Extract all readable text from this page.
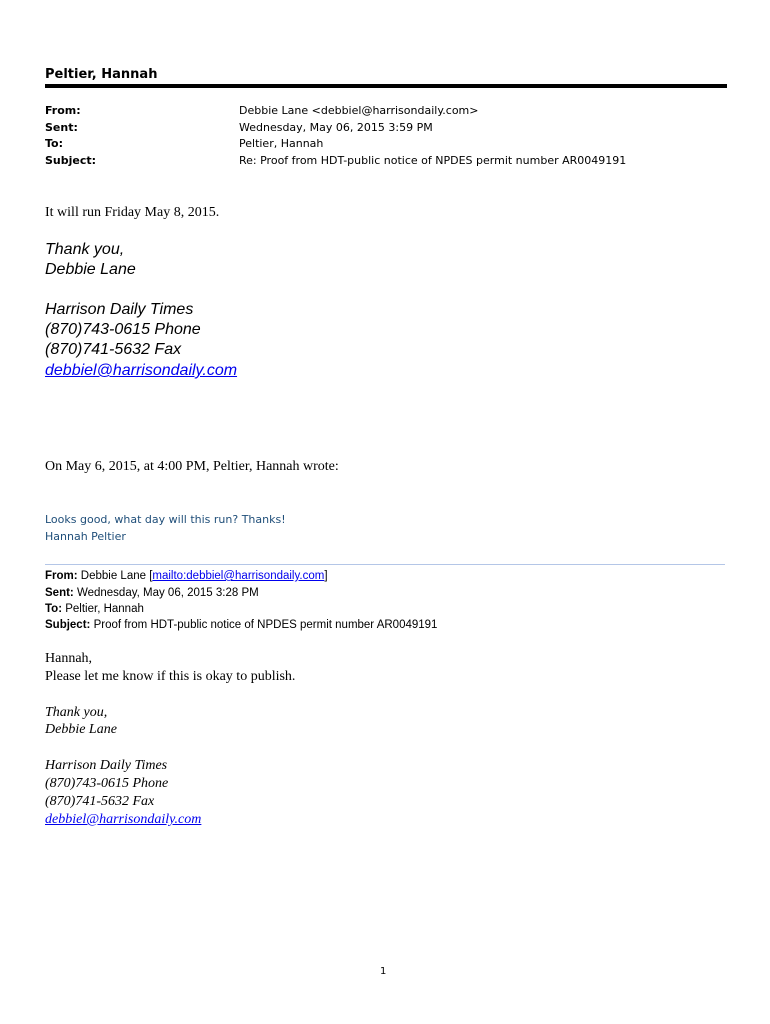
Peltier, Hannah
From:	Debbie Lane <debbiel@harrisondaily.com>
Sent:	Wednesday, May 06, 2015 3:59 PM
To:	Peltier, Hannah
Subject:	Re: Proof from HDT-public notice of NPDES permit number AR0049191
It will run Friday May 8, 2015.
Thank you,
Debbie Lane
Harrison Daily Times
(870)743-0615 Phone
(870)741-5632 Fax
debbiel@harrisondaily.com
On May 6, 2015, at 4:00 PM, Peltier, Hannah wrote:
Looks good, what day will this run? Thanks!
Hannah Peltier
From: Debbie Lane [mailto:debbiel@harrisondaily.com]
Sent: Wednesday, May 06, 2015 3:28 PM
To: Peltier, Hannah
Subject: Proof from HDT-public notice of NPDES permit number AR0049191
Hannah,
Please let me know if this is okay to publish.
Thank you,
Debbie Lane
Harrison Daily Times
(870)743-0615 Phone
(870)741-5632 Fax
debbiel@harrisondaily.com
1
